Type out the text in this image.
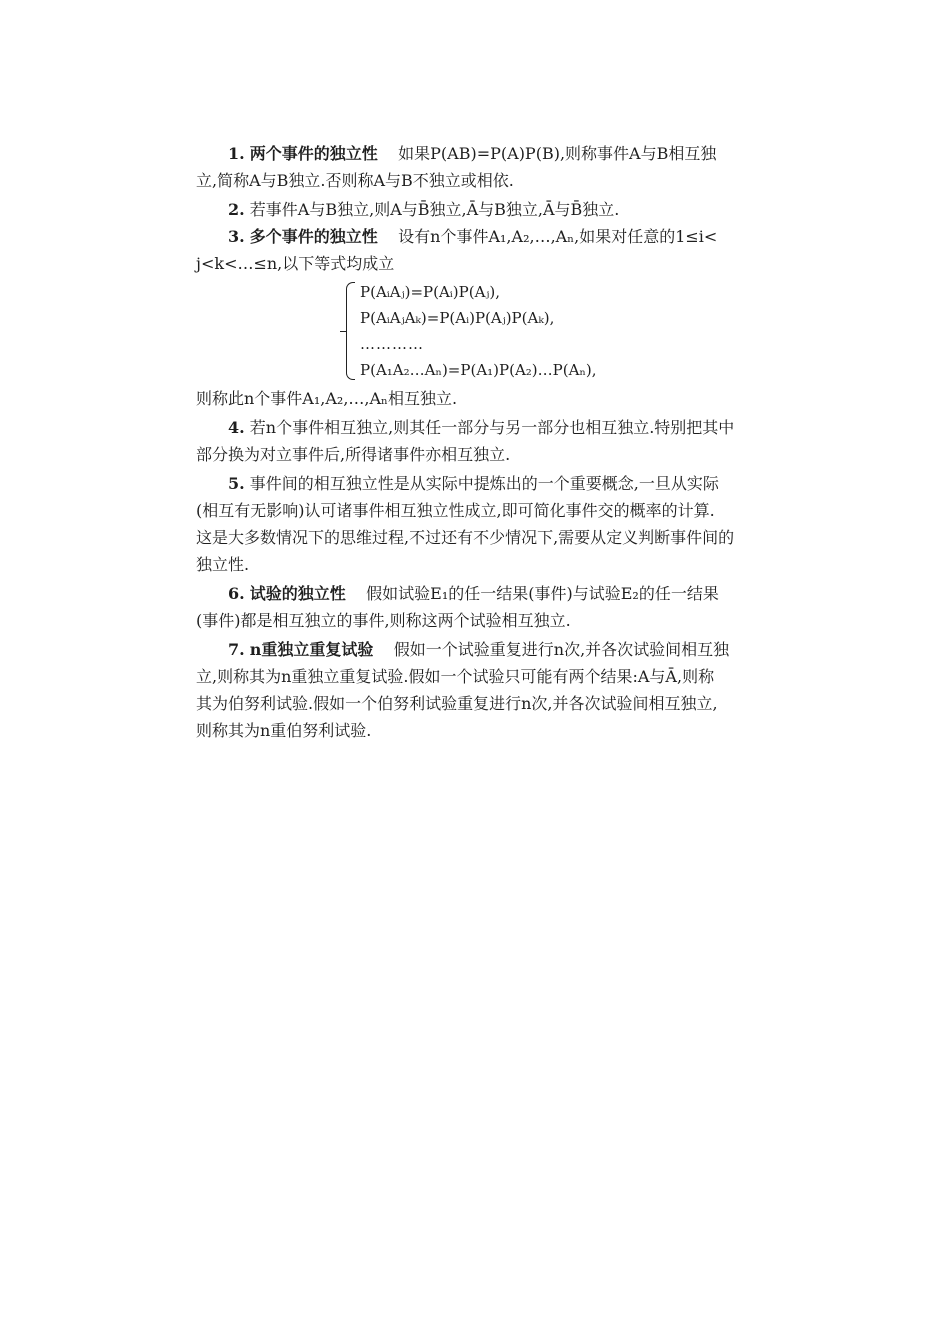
1. 两个事件的独立性 如果P(AB)=P(A)P(B),则称事件A与B相互独

立,简称A与B独立.否则称A与B不独立或相依.

2. 若事件A与B独立,则A与B̄独立,Ā与B独立,Ā与B̄独立.

3. 多个事件的独立性 设有n个事件A₁,A₂,…,Aₙ,如果对任意的1≤i<

j<k<…≤n,以下等式均成立

P(AᵢAⱼ)=P(Aᵢ)P(Aⱼ),
P(AᵢAⱼAₖ)=P(Aᵢ)P(Aⱼ)P(Aₖ),
…………
P(A₁A₂…Aₙ)=P(A₁)P(A₂)…P(Aₙ),

则称此n个事件A₁,A₂,…,Aₙ相互独立.

4. 若n个事件相互独立,则其任一部分与另一部分也相互独立.特别把其中

部分换为对立事件后,所得诸事件亦相互独立.

5. 事件间的相互独立性是从实际中提炼出的一个重要概念,一旦从实际

(相互有无影响)认可诸事件相互独立性成立,即可简化事件交的概率的计算.

这是大多数情况下的思维过程,不过还有不少情况下,需要从定义判断事件间的

独立性.

6. 试验的独立性 假如试验E₁的任一结果(事件)与试验E₂的任一结果

(事件)都是相互独立的事件,则称这两个试验相互独立.

7. n重独立重复试验 假如一个试验重复进行n次,并各次试验间相互独

立,则称其为n重独立重复试验.假如一个试验只可能有两个结果:A与Ā,则称

其为伯努利试验.假如一个伯努利试验重复进行n次,并各次试验间相互独立,

则称其为n重伯努利试验.
